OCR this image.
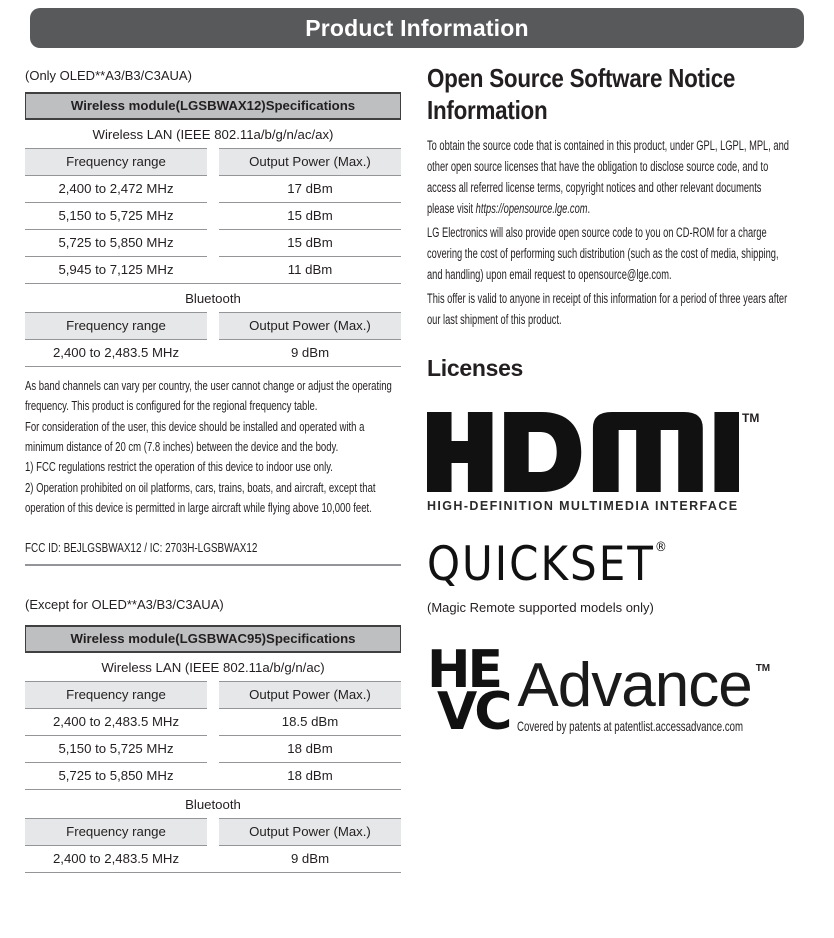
Product Information
(Only OLED**A3/B3/C3AUA)
Wireless module(LGSBWAX12)Specifications
Wireless LAN (IEEE 802.11a/b/g/n/ac/ax)
Frequency range	Output Power (Max.)
2,400 to 2,472 MHz	17 dBm
5,150 to 5,725 MHz	15 dBm
5,725 to 5,850 MHz	15 dBm
5,945 to 7,125 MHz	11 dBm
Bluetooth
Frequency range	Output Power (Max.)
2,400 to 2,483.5 MHz	9 dBm

As band channels can vary per country, the user cannot change or adjust the operating frequency. This product is configured for the regional frequency table.

For consideration of the user, this device should be installed and operated with a minimum distance of 20 cm (7.8 inches) between the device and the body.

1) FCC regulations restrict the operation of this device to indoor use only.

2) Operation prohibited on oil platforms, cars, trains, boats, and aircraft, except that operation of this device is permitted in large aircraft while flying above 10,000 feet.

FCC ID: BEJLGSBWAX12 / IC: 2703H-LGSBWAX12
(Except for OLED**A3/B3/C3AUA)
Wireless module(LGSBWAC95)Specifications
Wireless LAN (IEEE 802.11a/b/g/n/ac)
Frequency range	Output Power (Max.)
2,400 to 2,483.5 MHz	18.5 dBm
5,150 to 5,725 MHz	18 dBm
5,725 to 5,850 MHz	18 dBm
Bluetooth
Frequency range	Output Power (Max.)
2,400 to 2,483.5 MHz	9 dBm
Open Source Software Notice Information

To obtain the source code that is contained in this product, under GPL, LGPL, MPL, and other open source licenses that have the obligation to disclose source code, and to access all referred license terms, copyright notices and other relevant documents please visit https://opensource.lge.com.

LG Electronics will also provide open source code to you on CD-ROM for a charge covering the cost of performing such distribution (such as the cost of media, shipping, and handling) upon email request to opensource@lge.com.

This offer is valid to anyone in receipt of this information for a period of three years after our last shipment of this product.

Licenses
TM
HIGH-DEFINITION MULTIMEDIA INTERFACE
QUICKSET®
(Magic Remote supported models only)
HE
VC Advance TM
Covered by patents at patentlist.accessadvance.com
